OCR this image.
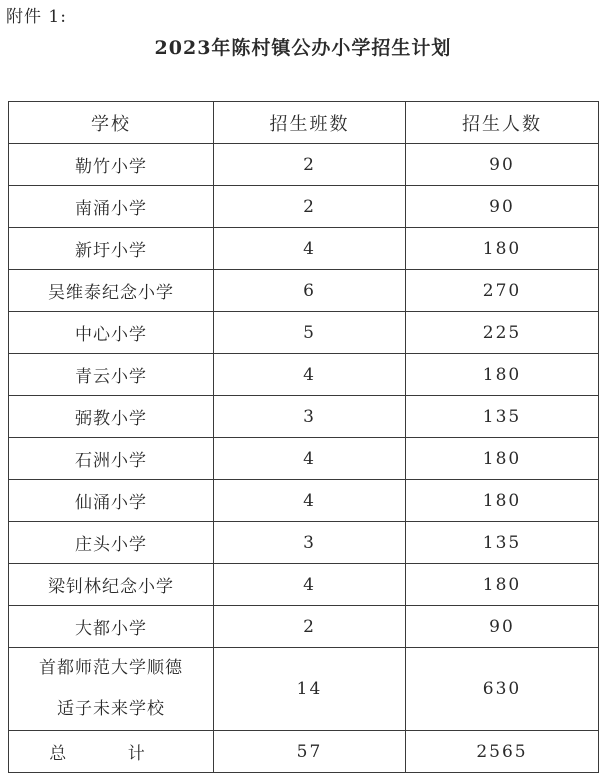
附件 1:
2023年陈村镇公办小学招生计划
学校	招生班数	招生人数
勒竹小学	2	90
南涌小学	2	90
新圩小学	4	180
吴维泰纪念小学	6	270
中心小学	5	225
青云小学	4	180
弼教小学	3	135
石洲小学	4	180
仙涌小学	4	180
庄头小学	3	135
梁钊林纪念小学	4	180
大都小学	2	90

首都师范大学顺德
适子未来学校	14	630
总 计	57	2565
